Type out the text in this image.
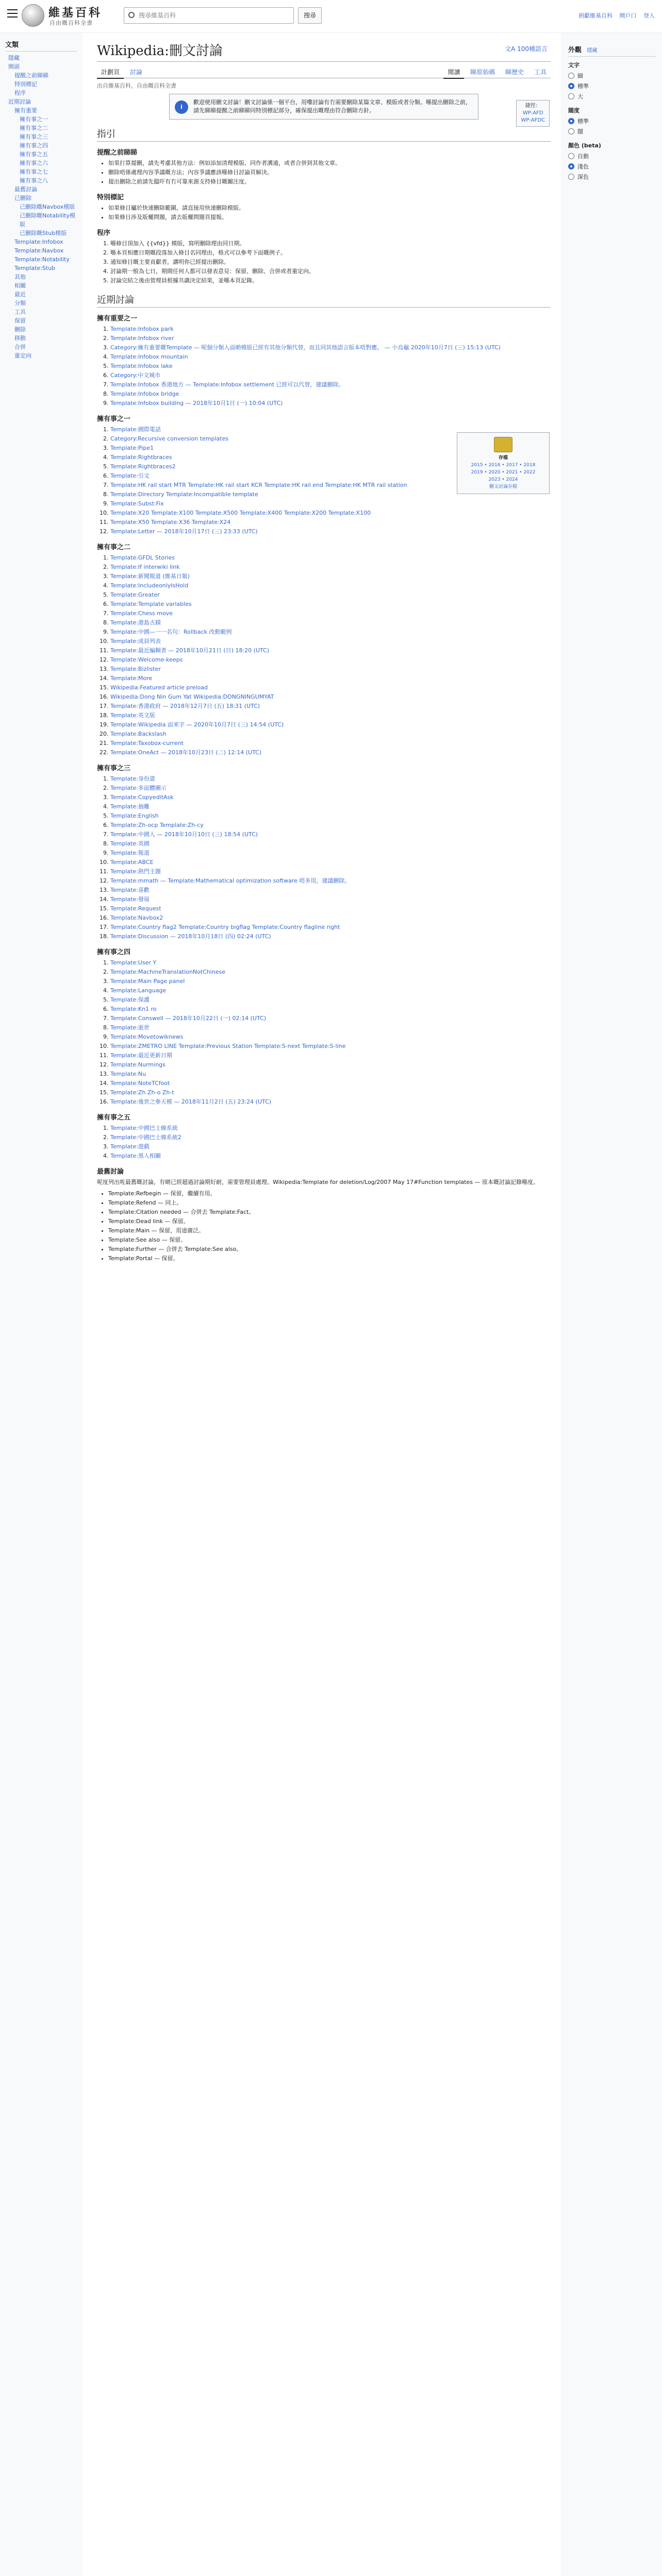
維基百科
自由嘅百科全書
搜尋維基百科
搜尋	捐獻維基百科 開戶口 登入
文類
隱藏
開頭
提醒之前睇睇
特別標記
程序
近期討論
擁有重要
擁有事之一
擁有事之二
擁有事之三
擁有事之四
擁有事之五
擁有事之六
擁有事之七
擁有事之八
最舊討論
已刪除
已刪除嘅Navbox模版
已刪除嘅Notability模版
已刪除嘅Stub模版
Template:Infobox
Template:Navbox
Template:Notability
Template:Stub
其他
相關
最近
分類
工具
保留
刪除
移動
合併
重定向
Wikipedia:刪文討論	文A 100種語言
計劃頁 討論	閱讀 睇原始碼 睇歷史 工具
出自維基百科，自由嘅百科全書
i
歡迎使用刪文討論！刪文討論係一個平台，用嚟討論有冇需要刪除某篇文章、模版或者分類。喺提出刪除之前，請先睇睇提醒之前睇睇同特別標記部分，確保提出嘅理由符合刪除方針。
捷徑：
WP:AFD
WP:AFDC
指引
提醒之前睇睇
• 如果打算提刪，請先考慮其他方法：例如添加清理模版、同作者溝通，或者合併到其他文章。
• 刪除唔係處理內容爭議嘅方法；內容爭議應該喺條目討論頁解決。
• 提出刪除之前請先搵吓有冇可靠來源支持條目嘅關注度。
特別標記
• 如果條目屬於快速刪除範圍，請直接用快速刪除模版。
• 如果條目涉及版權問題，請去版權問題頁提報。
程序
1. 喺條目頂加入 {{vfd}} 模版，寫明刪除理由同日期。
2. 喺本頁相應日期嘅段落加入條目名同理由，格式可以參考下面嘅例子。
3. 通知條目嘅主要貢獻者，講明你已經提出刪除。
4. 討論期一般為七日，期間任何人都可以發表意見：保留、刪除、合併或者重定向。
5. 討論完結之後由管理員根據共識決定結果，並喺本頁記錄。
近期討論
存檔
2015 • 2016 • 2017 • 2018
2019 • 2020 • 2021 • 2022
2023 • 2024
刪文討論存檔
擁有重要之一
1. Template:Infobox park
2. Template:Infobox river
3. Category:擁有重要嘅Template — 呢個分類入面啲模版已經有其他分類代替，而且同其他語言版本唔對應。 — 小烏龜 2020年10月7日 (三) 15:13 (UTC)
4. Template:Infobox mountain
5. Template:Infobox lake
6. Category:中文城市
7. Template:Infobox 香港地方 — Template:Infobox settlement 已經可以代替，建議刪除。
8. Template:Infobox bridge
9. Template:Infobox building — 2018年10月1日 (一) 10:04 (UTC)
擁有事之一
1. Template:國際電話
2. Category:Recursive conversion templates
3. Template:Pipe1
4. Template:Rightbraces
5. Template:Rightbraces2
6. Template:引文
7. Template:HK rail start MTR Template:HK rail start KCR Template:HK rail end Template:HK MTR rail station
8. Template:Directory Template:Incompatible template
9. Template:Subst:Fix
10. Template:X20 Template:X100 Template:X500 Template:X400 Template:X200 Template:X100
11. Template:X50 Template:X36 Template:X24
12. Template:Letter — 2018年10月17日 (三) 23:33 (UTC)
擁有事之二
1. Template:GFDL Stories
2. Template:If interwiki link
3. Template:新聞報道 (維基日報)
4. Template:IncludeonlyIsHold
5. Template:Greater
6. Template:Template variables
7. Template:Chess move
8. Template:港島古蹟
9. Template:中國—一一名句：Rollback 改動範例
10. Template:成員列表
11. Template:最近編輯者 — 2018年10月21日 (日) 18:20 (UTC)
12. Template:Welcome-keeps
13. Template:Bizlister
14. Template:More
15. Wikipedia:Featured article preload
16. Wikipedia:Dong Nin Gum Yat Wikipedia:DONGNINGUMYAT
17. Template:香港政府 — 2018年12月7日 (五) 18:31 (UTC)
18. Template:英文版
19. Template:Wikipedia 面來字 — 2020年10月7日 (三) 14:54 (UTC)
20. Template:Backslash
21. Template:Taxobox-current
22. Template:OneAct — 2018年10月23日 (二) 12:14 (UTC)
擁有事之三
1. Template:身份證
2. Template:多面體圖示
3. Template:CopyeditAsk
4. Template:抽離
5. Template:English
6. Template:Zh-ocp Template:Zh-cy
7. Template:中國人 — 2018年10月10日 (三) 18:54 (UTC)
8. Template:英國
9. Template:報道
10. Template:ABCE
11. Template:熱門主題
12. Template:mmath — Template:Mathematical optimization software 唔多用，建議刪除。
13. Template:喜歡
14. Template:發展
15. Template:Request
16. Template:Navbox2
17. Template:Country flag2 Template:Country bigflag Template:Country flagline right
18. Template:Discussion — 2018年10月18日 (四) 02:24 (UTC)
擁有事之四
1. Template:User Y
2. Template:MachineTranslationNotChinese
3. Template:Main Page panel
4. Template:Language
5. Template:保護
6. Template:Kn1 ro
7. Template:Conswell — 2018年10月22日 (一) 02:14 (UTC)
8. Template:逝世
9. Template:Movetowiknews
10. Template:ZMETRO LINE Template:Previous Station Template:S-next Template:S-line
11. Template:最近更新日期
12. Template:Nurmings
13. Template:Nu
14. Template:NoteTCfoot
15. Template:Zh Zh-o Zh-t
16. Template:後世之參天模 — 2018年11月2日 (五) 23:24 (UTC)
擁有事之五
1. Template:中國巴士線系統
2. Template:中國巴士線系統2
3. Template:遊戲
4. Template:黑人相關
最舊討論
呢度列出咗最舊嘅討論，有啲已經超過討論期好耐，需要管理員處理。Wikipedia:Template for deletion/Log/2007 May 17#Function templates — 原本嘅討論記錄喺度。
• Template:Refbegin — 保留，繼續有用。
• Template:Refend — 同上。
• Template:Citation needed — 合併去 Template:Fact。
• Template:Dead link — 保留。
• Template:Main — 保留，用途廣泛。
• Template:See also — 保留。
• Template:Further — 合併去 Template:See also。
• Template:Portal — 保留。
外觀 隱藏
文字
細
標準
大
闊度
標準
闊
顏色 (beta)
自動
淺色
深色
